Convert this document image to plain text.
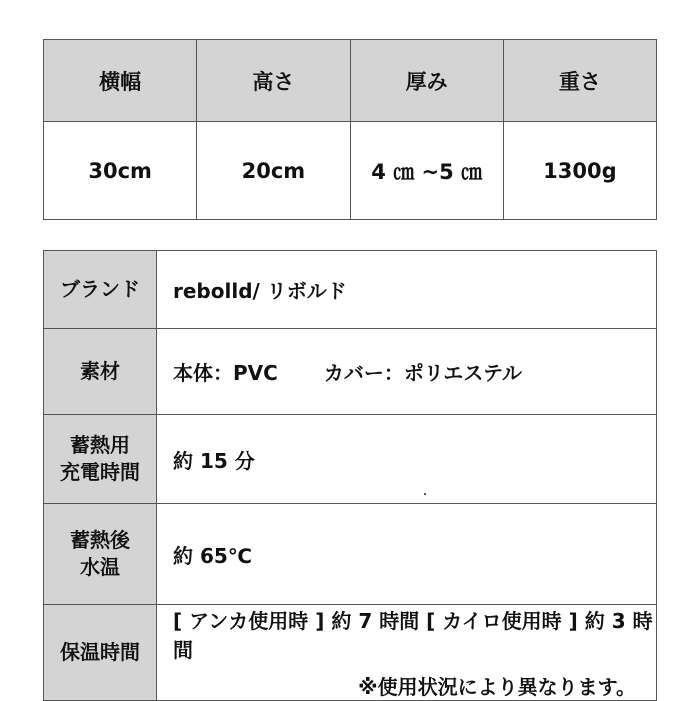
横幅	高さ	厚み	重さ
30cm	20cm	4 ㎝ ~5 ㎝	1300g
ブランド	rebolld/ リボルド
素材	本体：PVC カバー：ポリエステル
蓄熱用
充電時間	約 15 分
蓄熱後
水温	約 65℃
保温時間	[ アンカ使用時 ] 約 7 時間 [ カイロ使用時 ] 約 3 時間
※使用状況により異なります。
